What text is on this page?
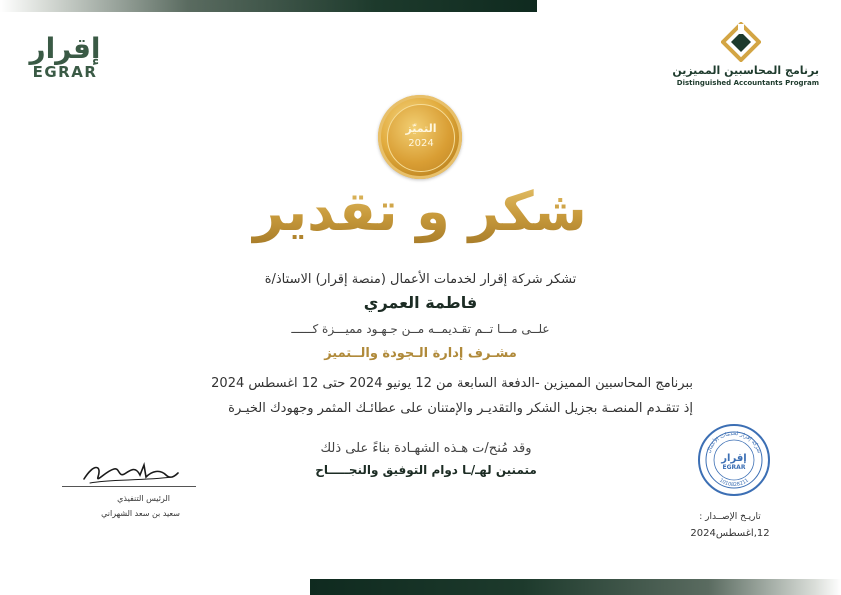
إقرار
EGRAR	برنامج المحاسبين المميزين
Distinguished Accountants Program
التميّز
2024
شكر و تقدير
تشكر شركة إقرار لخدمات الأعمال (منصة إقرار) الاستاذ/ة
فاطمة العمري
علــى مـــا تــم تقـديمــه مــن جـهـود مميـــزة كــــــ
مشـرف إدارة الـجودة والــتميز
ببرنامج المحاسبين المميزين -الدفعة السابعة من 12 يونيو 2024 حتى 12 اغسطس 2024
إذ تتقـدم المنصـة بجزيل الشكر والتقديـر والإمتنان على عطائـك المثمر وجهودك الخيـرة
وقد مُنح/ت هـذه الشهـادة بناءً على ذلك
متمنين لهـ/ـا دوام التوفيق والنجـــــاح
الرئيس التنفيذي
سعيد بن سعد الشهراني
شركة إقرار لخدمات الأعمال
1010828211
إقرار
EGRAR
تاريـخ الإصــدار :
12,اغسطس2024
